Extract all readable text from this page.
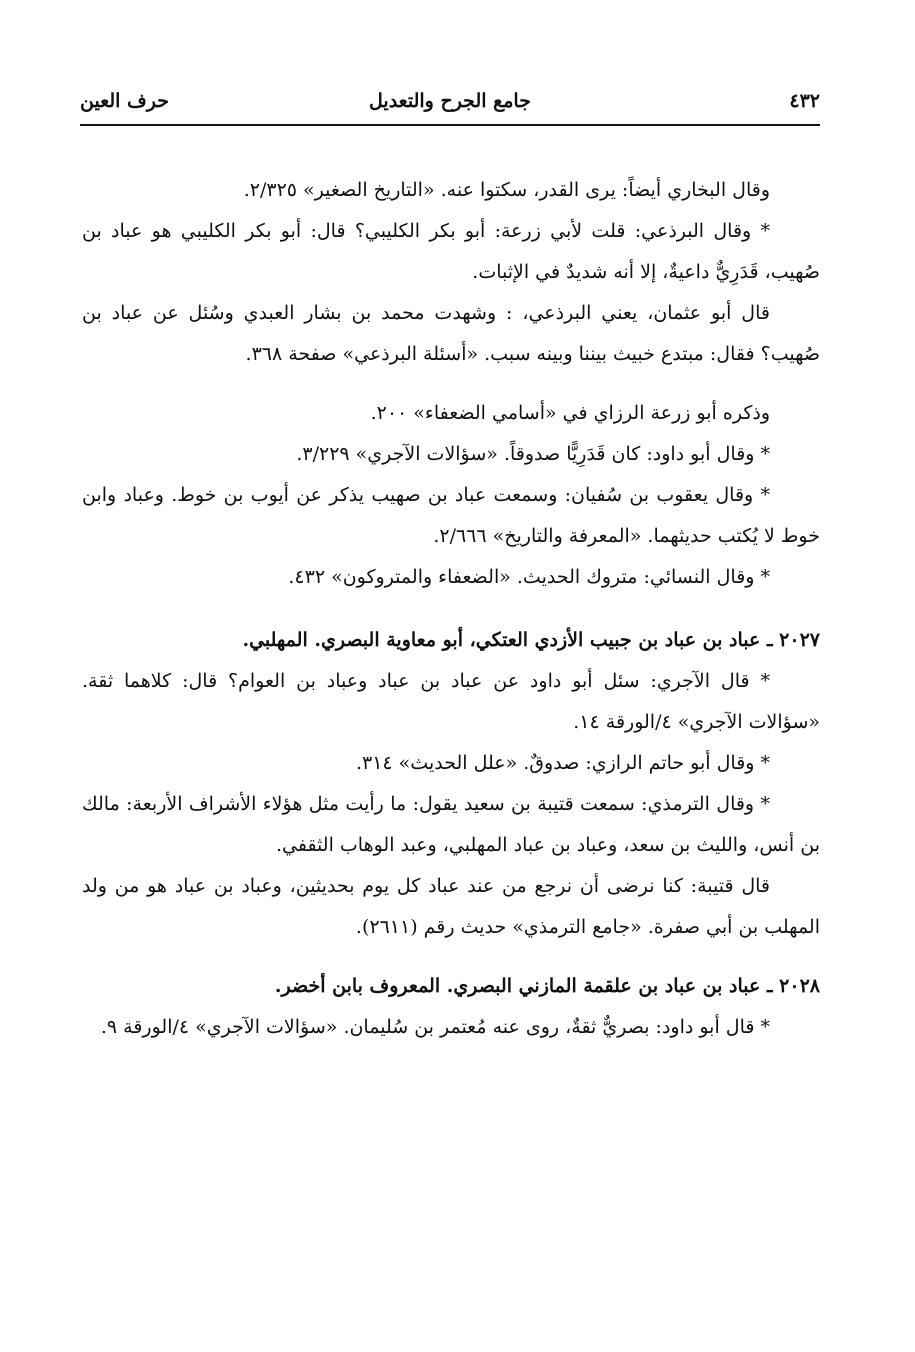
٤٣٢
جامع الجرح والتعديل
حرف العين

وقال البخاري أيضاً: يرى القدر، سكتوا عنه. «التاريخ الصغير» ٢/٣٢٥.

* وقال البرذعي: قلت لأبي زرعة: أبو بكر الكليبي؟ قال: أبو بكر الكليبي هو عباد بن صُهيب، قَدَرِيٌّ داعيةٌ، إلا أنه شديدٌ في الإثبات.

قال أبو عثمان، يعني البرذعي، : وشهدت محمد بن بشار العبدي وسُئل عن عباد بن صُهيب؟ فقال: مبتدع خبيث بيننا وبينه سبب. «أسئلة البرذعي» صفحة ٣٦٨.

وذكره أبو زرعة الرزاي في «أسامي الضعفاء» ٢٠٠.

* وقال أبو داود: كان قَدَرِيًّا صدوقاً. «سؤالات الآجري» ٣/٢٢٩.

* وقال يعقوب بن سُفيان: وسمعت عباد بن صهيب يذكر عن أيوب بن خوط. وعباد وابن خوط لا يُكتب حديثهما. «المعرفة والتاريخ» ٢/٦٦٦.

* وقال النسائي: متروك الحديث. «الضعفاء والمتروكون» ٤٣٢.

٢٠٢٧ ـ عباد بن عباد بن جبيب الأزدي العتكي، أبو معاوية البصري. المهلبي.

* قال الآجري: سئل أبو داود عن عباد بن عباد وعباد بن العوام؟ قال: كلاهما ثقة. «سؤالات الآجري» ٤/الورقة ١٤.

* وقال أبو حاتم الرازي: صدوقٌ. «علل الحديث» ٣١٤.

* وقال الترمذي: سمعت قتيبة بن سعيد يقول: ما رأيت مثل هؤلاء الأشراف الأربعة: مالك بن أنس، والليث بن سعد، وعباد بن عباد المهلبي، وعبد الوهاب الثقفي.

قال قتيبة: كنا نرضى أن نرجع من عند عباد كل يوم بحديثين، وعباد بن عباد هو من ولد المهلب بن أبي صفرة. «جامع الترمذي» حديث رقم (٢٦١١).

٢٠٢٨ ـ عباد بن عباد بن علقمة المازني البصري. المعروف بابن أخضر.

* قال أبو داود: بصريٌّ ثقةٌ، روى عنه مُعتمر بن سُليمان. «سؤالات الآجري» ٤/الورقة ٩.
